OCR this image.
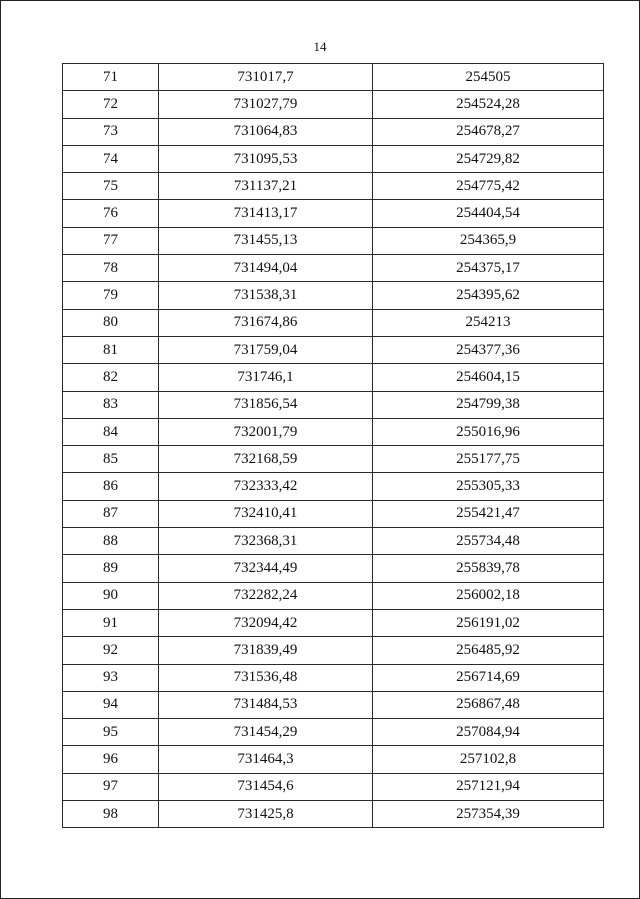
14
71	731017,7	254505
72	731027,79	254524,28
73	731064,83	254678,27
74	731095,53	254729,82
75	731137,21	254775,42
76	731413,17	254404,54
77	731455,13	254365,9
78	731494,04	254375,17
79	731538,31	254395,62
80	731674,86	254213
81	731759,04	254377,36
82	731746,1	254604,15
83	731856,54	254799,38
84	732001,79	255016,96
85	732168,59	255177,75
86	732333,42	255305,33
87	732410,41	255421,47
88	732368,31	255734,48
89	732344,49	255839,78
90	732282,24	256002,18
91	732094,42	256191,02
92	731839,49	256485,92
93	731536,48	256714,69
94	731484,53	256867,48
95	731454,29	257084,94
96	731464,3	257102,8
97	731454,6	257121,94
98	731425,8	257354,39
